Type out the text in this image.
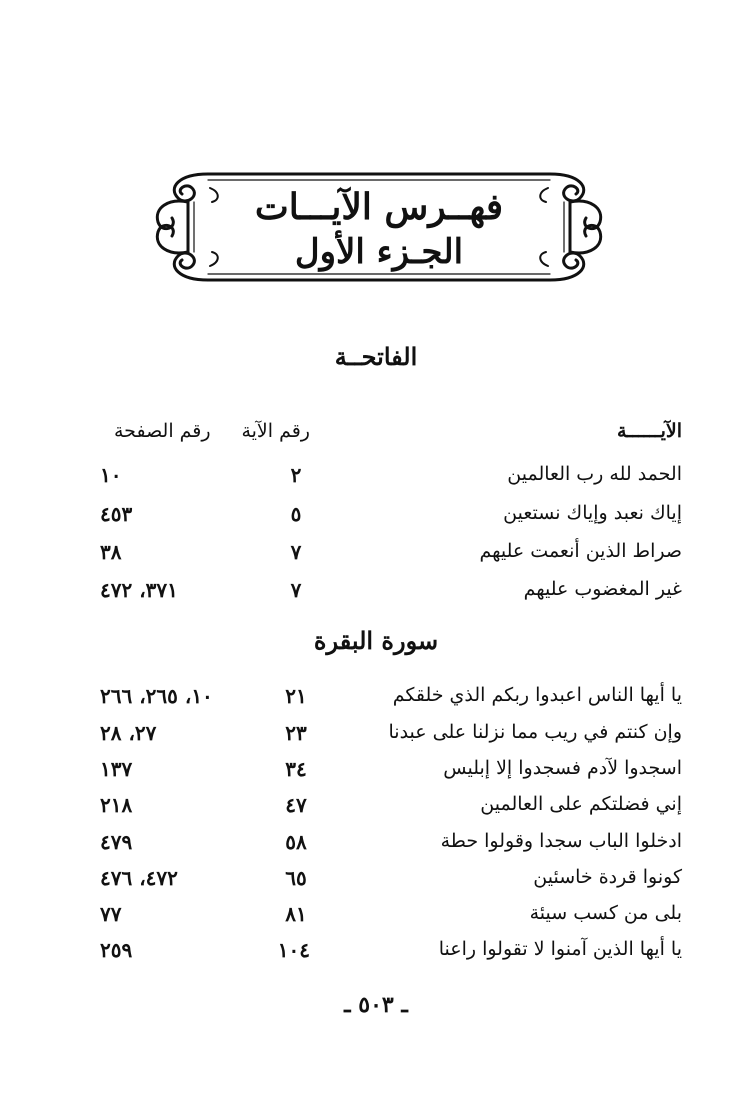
فهــرس الآيـــات
الجـزء الأول
الفاتحــة
الآيــــــة
رقم الآية
رقم الصفحة
الحمد لله رب العالمين
٢
١٠
إياك نعبد وإياك نستعين
٥
٤٥٣
صراط الذين أنعمت عليهم
٧
٣٨
غير المغضوب عليهم
٧
٣٧١، ٤٧٢
سورة البقرة
يا أيها الناس اعبدوا ربكم الذي خلقكم
٢١
١٠، ٢٦٥، ٢٦٦
وإن كنتم في ريب مما نزلنا على عبدنا
٢٣
٢٧، ٢٨
اسجدوا لآدم فسجدوا إلا إبليس
٣٤
١٣٧
إني فضلتكم على العالمين
٤٧
٢١٨
ادخلوا الباب سجدا وقولوا حطة
٥٨
٤٧٩
كونوا قردة خاسئين
٦٥
٤٧٢، ٤٧٦
بلى من كسب سيئة
٨١
٧٧
يا أيها الذين آمنوا لا تقولوا راعنا
١٠٤
٢٥٩
ـ ٥٠٣ ـ
